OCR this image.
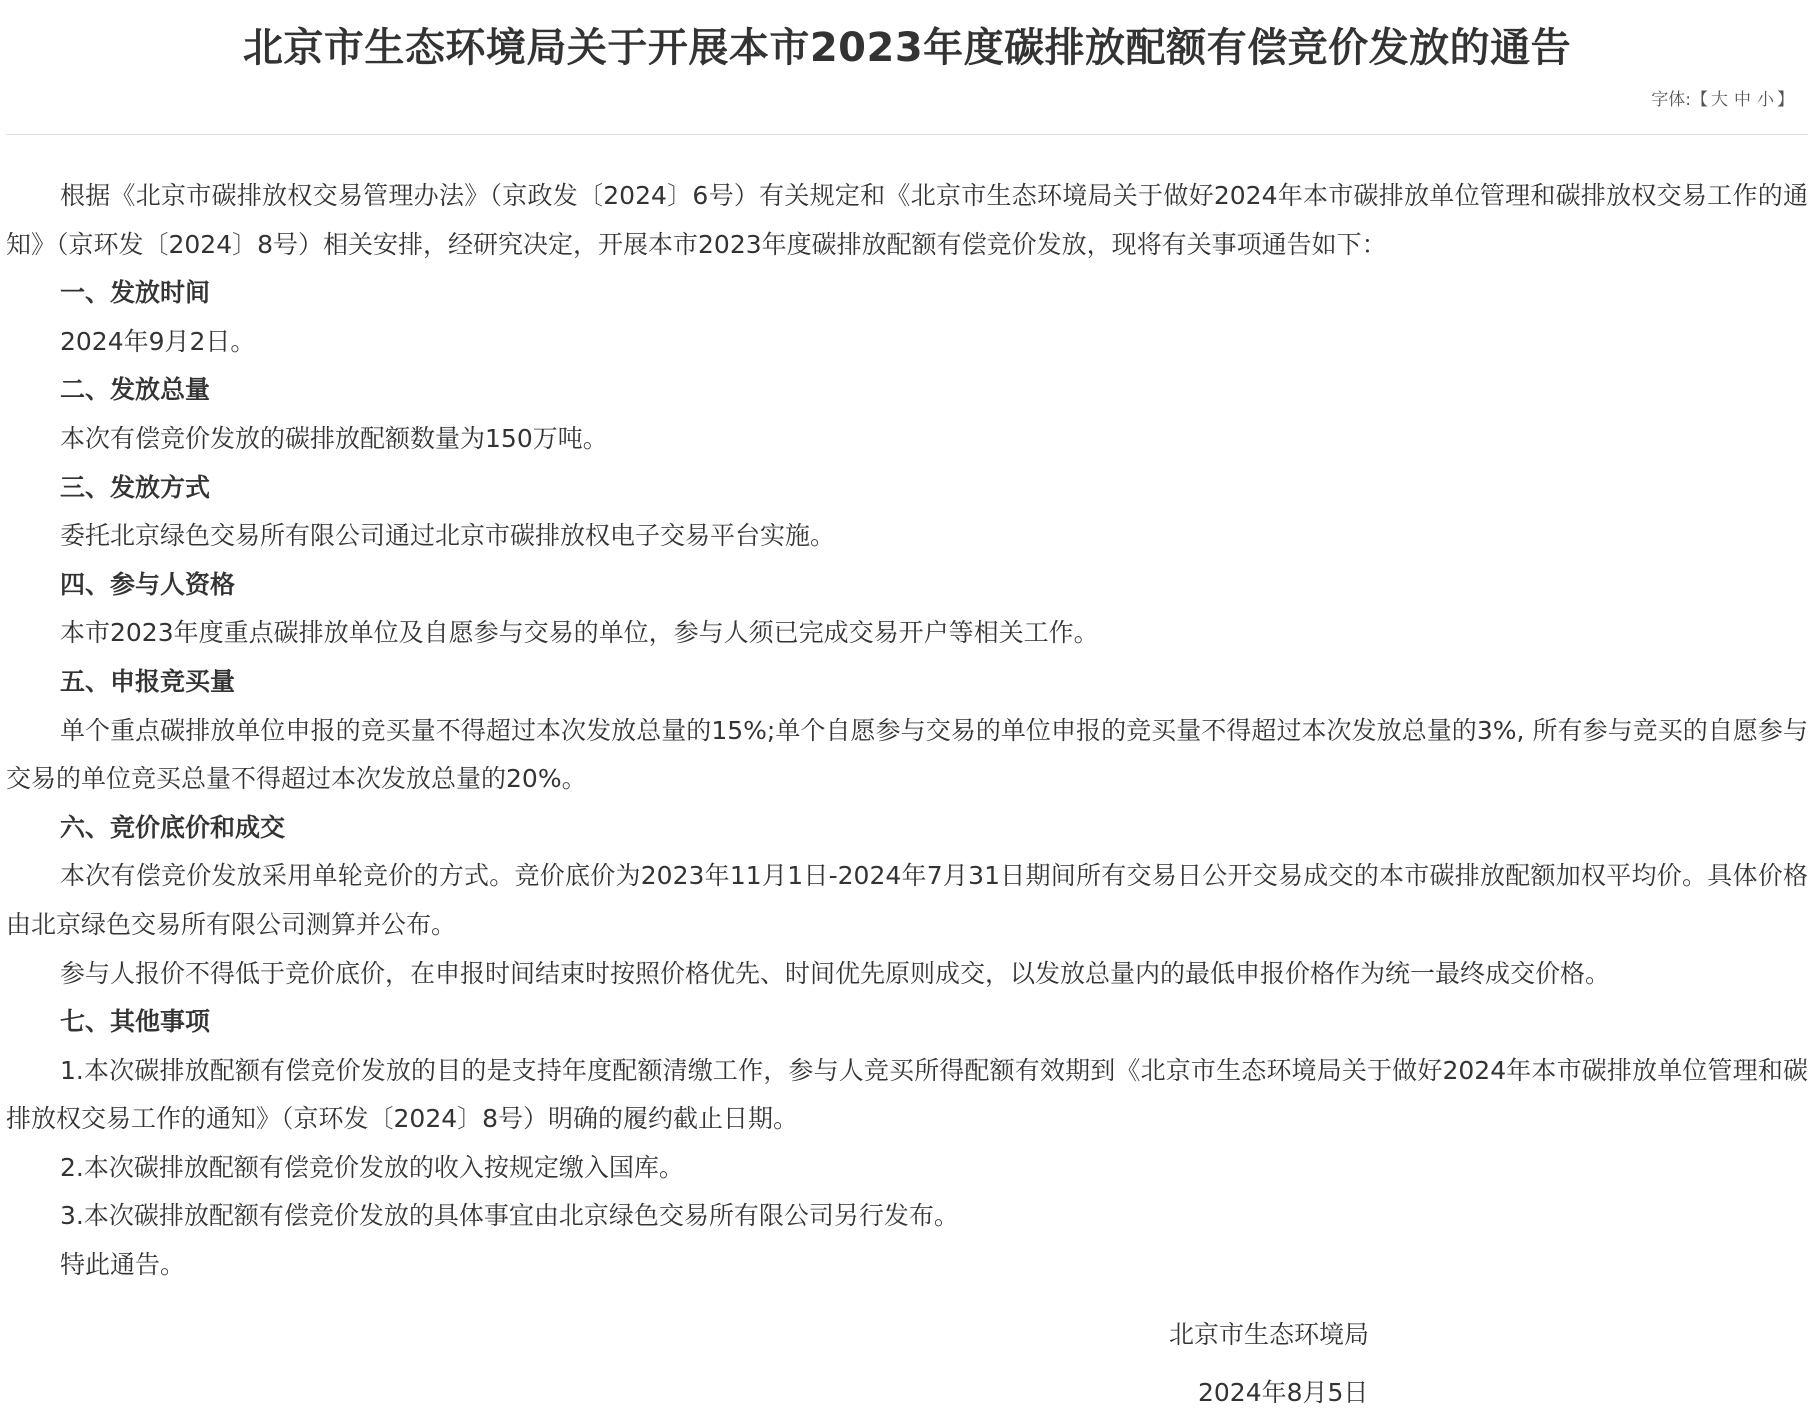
北京市生态环境局关于开展本市2023年度碳排放配额有偿竞价发放的通告
字体:【 大 中 小 】

根据《北京市碳排放权交易管理办法》（京政发〔2024〕6号）有关规定和《北京市生态环境局关于做好2024年本市碳排放单位管理和碳排放权交易工作的通知》（京环发〔2024〕8号）相关安排，经研究决定，开展本市2023年度碳排放配额有偿竞价发放，现将有关事项通告如下：

一、发放时间

2024年9月2日。

二、发放总量

本次有偿竞价发放的碳排放配额数量为150万吨。

三、发放方式

委托北京绿色交易所有限公司通过北京市碳排放权电子交易平台实施。

四、参与人资格

本市2023年度重点碳排放单位及自愿参与交易的单位，参与人须已完成交易开户等相关工作。

五、申报竞买量

单个重点碳排放单位申报的竞买量不得超过本次发放总量的15%;单个自愿参与交易的单位申报的竞买量不得超过本次发放总量的3%, 所有参与竞买的自愿参与交易的单位竞买总量不得超过本次发放总量的20%。

六、竞价底价和成交

本次有偿竞价发放采用单轮竞价的方式。竞价底价为2023年11月1日-2024年7月31日期间所有交易日公开交易成交的本市碳排放配额加权平均价。具体价格由北京绿色交易所有限公司测算并公布。

参与人报价不得低于竞价底价，在申报时间结束时按照价格优先、时间优先原则成交，以发放总量内的最低申报价格作为统一最终成交价格。

七、其他事项

1.本次碳排放配额有偿竞价发放的目的是支持年度配额清缴工作，参与人竞买所得配额有效期到《北京市生态环境局关于做好2024年本市碳排放单位管理和碳排放权交易工作的通知》（京环发〔2024〕8号）明确的履约截止日期。

2.本次碳排放配额有偿竞价发放的收入按规定缴入国库。

3.本次碳排放配额有偿竞价发放的具体事宜由北京绿色交易所有限公司另行发布。

特此通告。

北京市生态环境局
2024年8月5日
